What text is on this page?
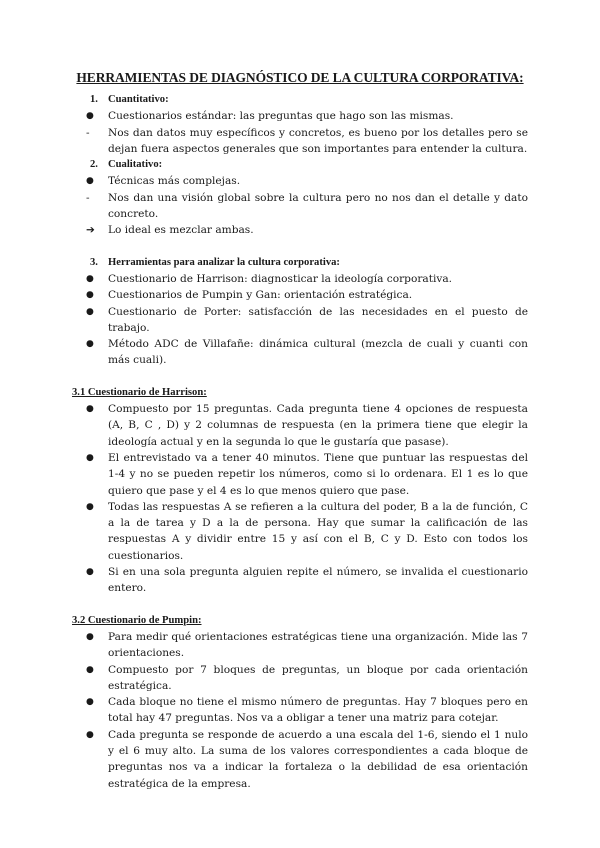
HERRAMIENTAS DE DIAGNÓSTICO DE LA CULTURA CORPORATIVA:
1. Cuantitativo:
●	Cuestionarios estándar: las preguntas que hago son las mismas.
-	Nos dan datos muy específicos y concretos, es bueno por los detalles pero se dejan fuera aspectos generales que son importantes para entender la cultura.
2. Cualitativo:
●	Técnicas más complejas.
-	Nos dan una visión global sobre la cultura pero no nos dan el detalle y dato concreto.
➔	Lo ideal es mezclar ambas.
3. Herramientas para analizar la cultura corporativa:
●	Cuestionario de Harrison: diagnosticar la ideología corporativa.
●	Cuestionarios de Pumpin y Gan: orientación estratégica.
●	Cuestionario de Porter: satisfacción de las necesidades en el puesto de trabajo.
●	Método ADC de Villafañe: dinámica cultural (mezcla de cuali y cuanti con más cuali).
3.1 Cuestionario de Harrison:
●	Compuesto por 15 preguntas. Cada pregunta tiene 4 opciones de respuesta (A, B, C , D) y 2 columnas de respuesta (en la primera tiene que elegir la ideología actual y en la segunda lo que le gustaría que pasase).
●	El entrevistado va a tener 40 minutos. Tiene que puntuar las respuestas del 1-4 y no se pueden repetir los números, como si lo ordenara. El 1 es lo que quiero que pase y el 4 es lo que menos quiero que pase.
●	Todas las respuestas A se refieren a la cultura del poder, B a la de función, C a la de tarea y D a la de persona. Hay que sumar la calificación de las respuestas A y dividir entre 15 y así con el B, C y D. Esto con todos los cuestionarios.
●	Si en una sola pregunta alguien repite el número, se invalida el cuestionario entero.
3.2 Cuestionario de Pumpin:
●	Para medir qué orientaciones estratégicas tiene una organización. Mide las 7 orientaciones.
●	Compuesto por 7 bloques de preguntas, un bloque por cada orientación estratégica.
●	Cada bloque no tiene el mismo número de preguntas. Hay 7 bloques pero en total hay 47 preguntas. Nos va a obligar a tener una matriz para cotejar.
●	Cada pregunta se responde de acuerdo a una escala del 1-6, siendo el 1 nulo y el 6 muy alto. La suma de los valores correspondientes a cada bloque de preguntas nos va a indicar la fortaleza o la debilidad de esa orientación estratégica de la empresa.
